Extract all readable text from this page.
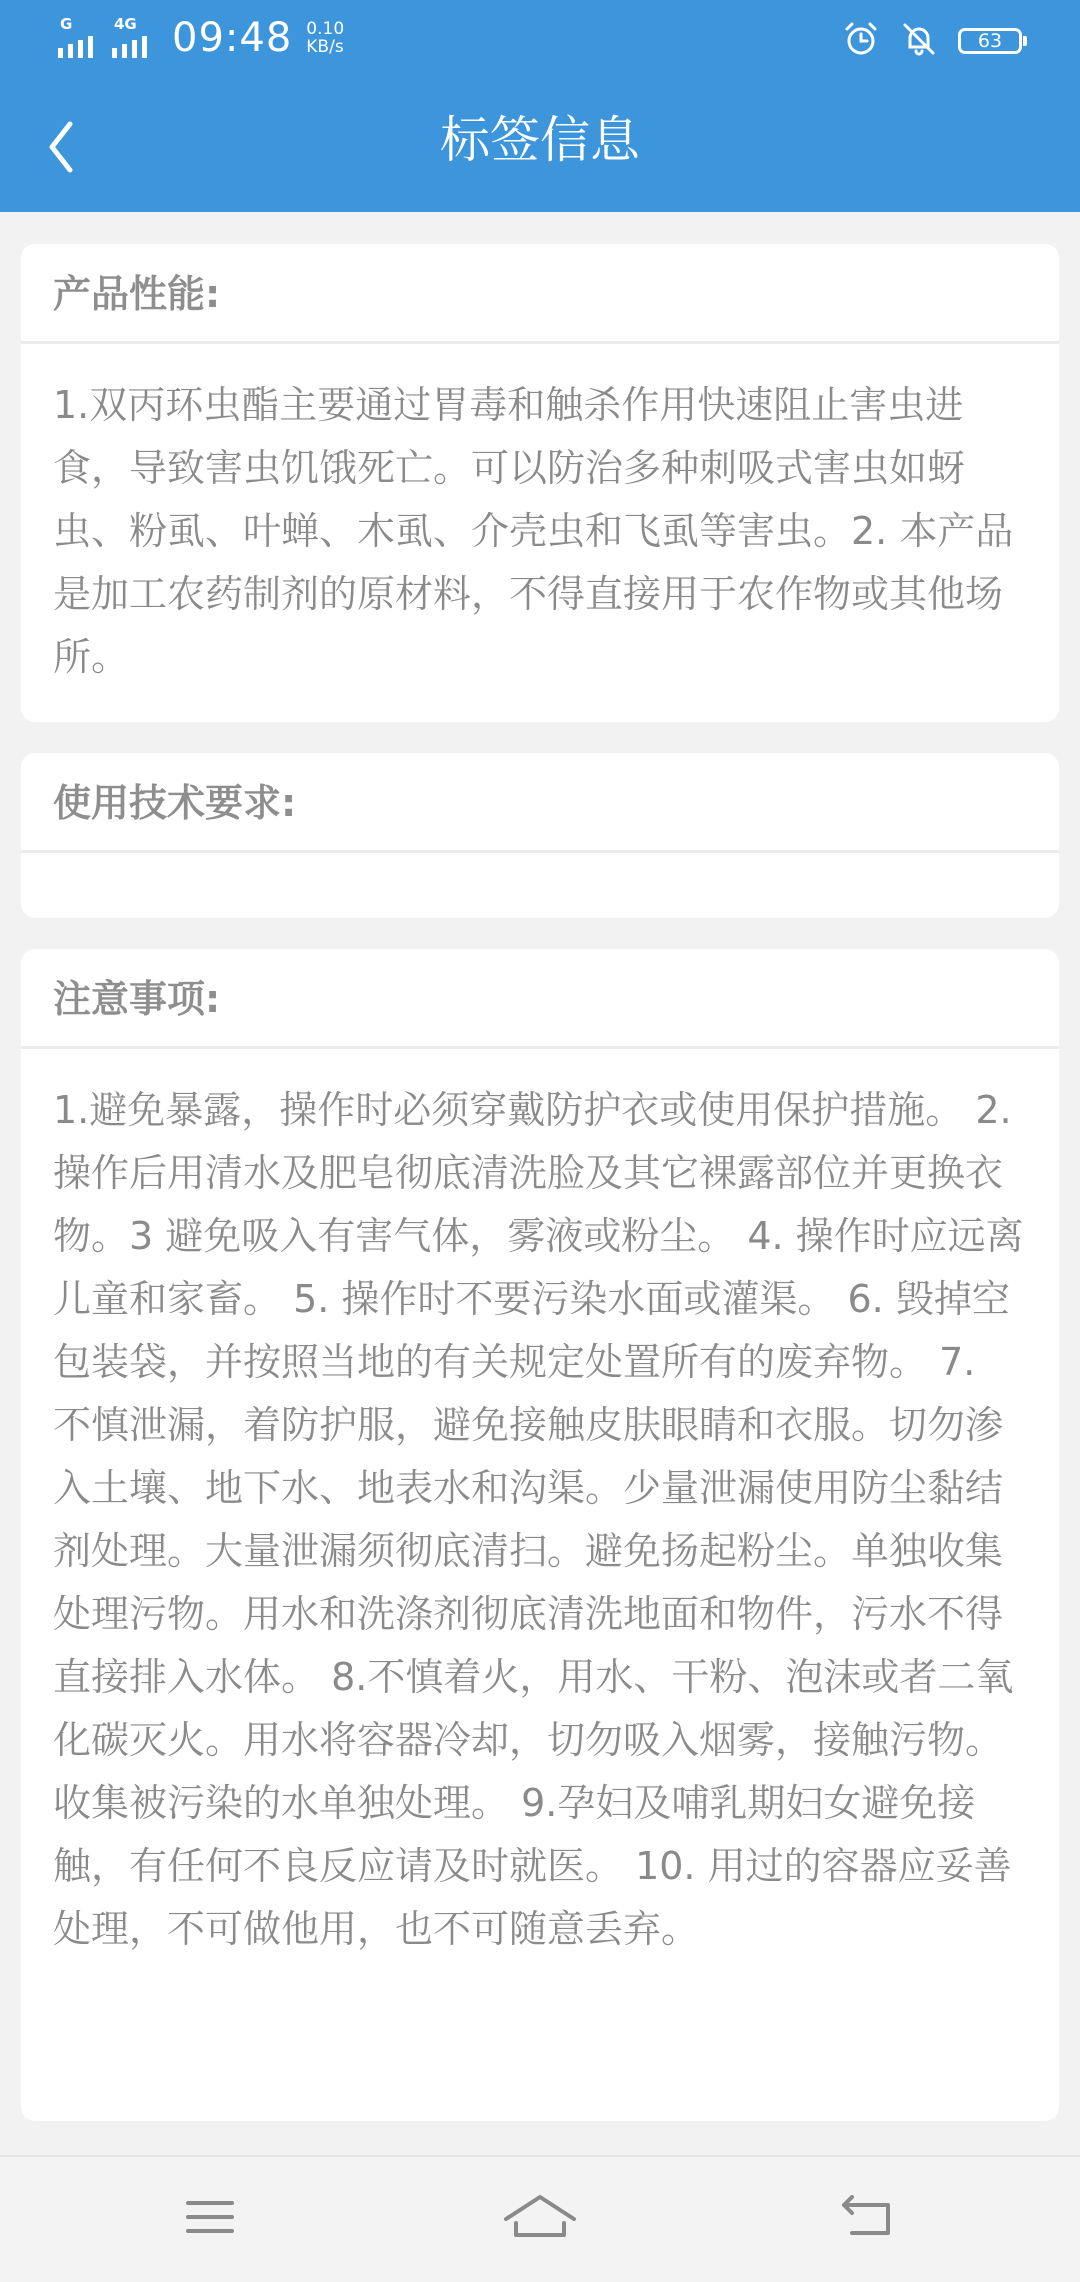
G	4G 09:48 0.10
KB/s	63
标签信息
产品性能:
1.双丙环虫酯主要通过胃毒和触杀作用快速阻止害虫进食，导致害虫饥饿死亡。可以防治多种刺吸式害虫如蚜虫、粉虱、叶蝉、木虱、介壳虫和飞虱等害虫。2. 本产品是加工农药制剂的原材料，不得直接用于农作物或其他场所。
使用技术要求:
注意事项:
1.避免暴露，操作时必须穿戴防护衣或使用保护措施。 2. 操作后用清水及肥皂彻底清洗脸及其它裸露部位并更换衣物。3 避免吸入有害气体，雾液或粉尘。 4. 操作时应远离儿童和家畜。 5. 操作时不要污染水面或灌渠。 6. 毁掉空包装袋，并按照当地的有关规定处置所有的废弃物。 7. 不慎泄漏，着防护服，避免接触皮肤眼睛和衣服。切勿渗入土壤、地下水、地表水和沟渠。少量泄漏使用防尘黏结剂处理。大量泄漏须彻底清扫。避免扬起粉尘。单独收集处理污物。用水和洗涤剂彻底清洗地面和物件，污水不得直接排入水体。 8.不慎着火，用水、干粉、泡沫或者二氧化碳灭火。用水将容器冷却，切勿吸入烟雾，接触污物。收集被污染的水单独处理。 9.孕妇及哺乳期妇女避免接触，有任何不良反应请及时就医。 10. 用过的容器应妥善处理，不可做他用，也不可随意丢弃。
